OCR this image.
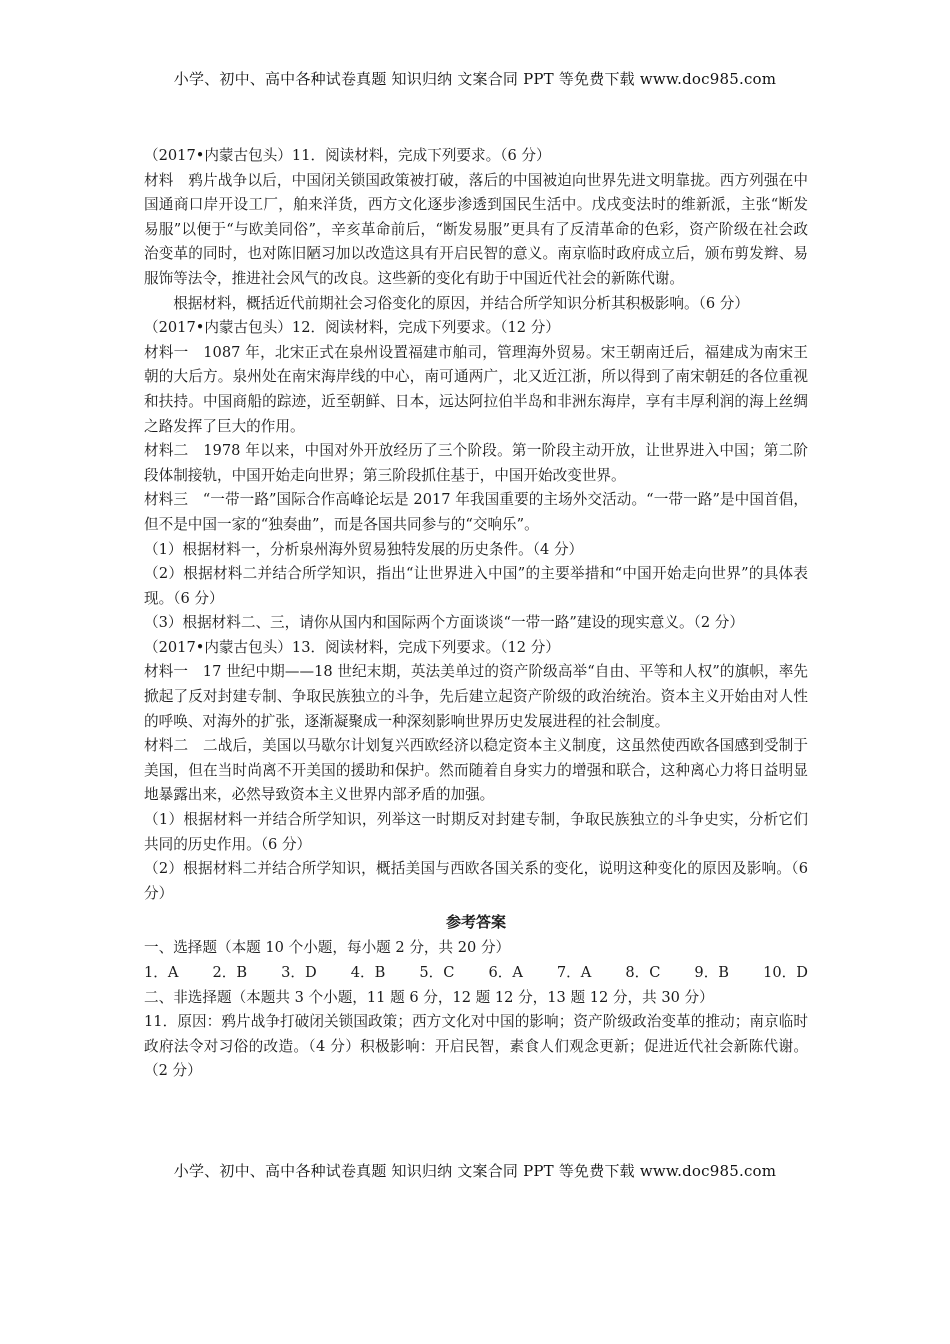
小学、初中、高中各种试卷真题 知识归纳 文案合同 PPT 等免费下载 www.doc985.com

（2017•内蒙古包头）11．阅读材料，完成下列要求。（6 分）

材料　鸦片战争以后，中国闭关锁国政策被打破，落后的中国被迫向世界先进文明靠拢。西方列强在中国通商口岸开设工厂，舶来洋货，西方文化逐步渗透到国民生活中。戊戌变法时的维新派，主张“断发易服”以便于“与欧美同俗”，辛亥革命前后，“断发易服”更具有了反清革命的色彩，资产阶级在社会政治变革的同时，也对陈旧陋习加以改造这具有开启民智的意义。南京临时政府成立后，颁布剪发辫、易服饰等法令，推进社会风气的改良。这些新的变化有助于中国近代社会的新陈代谢。

根据材料，概括近代前期社会习俗变化的原因，并结合所学知识分析其积极影响。（6 分）

（2017•内蒙古包头）12．阅读材料，完成下列要求。（12 分）

材料一　1087 年，北宋正式在泉州设置福建市舶司，管理海外贸易。宋王朝南迁后，福建成为南宋王朝的大后方。泉州处在南宋海岸线的中心，南可通两广，北又近江浙，所以得到了南宋朝廷的各位重视和扶持。中国商船的踪迹，近至朝鲜、日本，远达阿拉伯半岛和非洲东海岸，享有丰厚利润的海上丝绸之路发挥了巨大的作用。

材料二　1978 年以来，中国对外开放经历了三个阶段。第一阶段主动开放，让世界进入中国；第二阶段体制接轨，中国开始走向世界；第三阶段抓住基于，中国开始改变世界。

材料三　“一带一路”国际合作高峰论坛是 2017 年我国重要的主场外交活动。“一带一路”是中国首倡，但不是中国一家的“独奏曲”，而是各国共同参与的“交响乐”。

（1）根据材料一，分析泉州海外贸易独特发展的历史条件。（4 分）

（2）根据材料二并结合所学知识，指出“让世界进入中国”的主要举措和“中国开始走向世界”的具体表现。（6 分）

（3）根据材料二、三，请你从国内和国际两个方面谈谈“一带一路”建设的现实意义。（2 分）

（2017•内蒙古包头）13．阅读材料，完成下列要求。（12 分）

材料一　17 世纪中期——18 世纪末期，英法美单过的资产阶级高举“自由、平等和人权”的旗帜，率先掀起了反对封建专制、争取民族独立的斗争，先后建立起资产阶级的政治统治。资本主义开始由对人性的呼唤、对海外的扩张，逐渐凝聚成一种深刻影响世界历史发展进程的社会制度。

材料二　二战后，美国以马歇尔计划复兴西欧经济以稳定资本主义制度，这虽然使西欧各国感到受制于美国，但在当时尚离不开美国的援助和保护。然而随着自身实力的增强和联合，这种离心力将日益明显地暴露出来，必然导致资本主义世界内部矛盾的加强。

（1）根据材料一并结合所学知识，列举这一时期反对封建专制，争取民族独立的斗争史实，分析它们共同的历史作用。（6 分）

（2）根据材料二并结合所学知识，概括美国与西欧各国关系的变化，说明这种变化的原因及影响。（6 分）

参考答案

一、选择题（本题 10 个小题，每小题 2 分，共 20 分）

1．A 2．B 3．D 4．B 5．C 6．A 7．A 8．C 9．B 10．D

二、非选择题（本题共 3 个小题，11 题 6 分，12 题 12 分，13 题 12 分，共 30 分）

11．原因：鸦片战争打破闭关锁国政策；西方文化对中国的影响；资产阶级政治变革的推动；南京临时政府法令对习俗的改造。（4 分）积极影响：开启民智，素食人们观念更新；促进近代社会新陈代谢。（2 分）

小学、初中、高中各种试卷真题 知识归纳 文案合同 PPT 等免费下载 www.doc985.com
